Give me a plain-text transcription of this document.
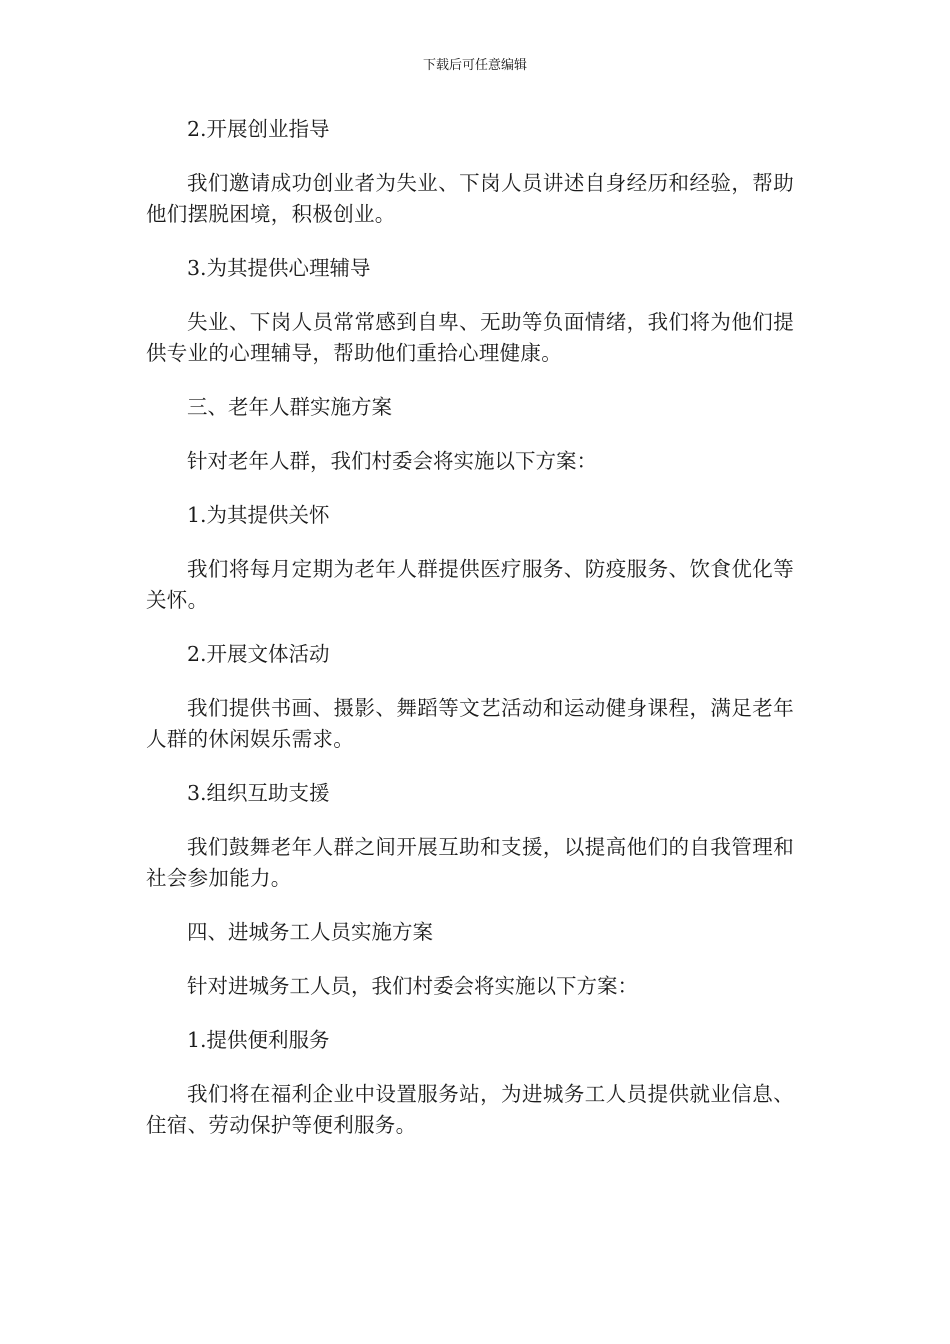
下载后可任意编辑

2.开展创业指导

我们邀请成功创业者为失业、下岗人员讲述自身经历和经验，帮助他们摆脱困境，积极创业。

3.为其提供心理辅导

失业、下岗人员常常感到自卑、无助等负面情绪，我们将为他们提供专业的心理辅导，帮助他们重拾心理健康。

三、老年人群实施方案

针对老年人群，我们村委会将实施以下方案：

1.为其提供关怀

我们将每月定期为老年人群提供医疗服务、防疫服务、饮食优化等关怀。

2.开展文体活动

我们提供书画、摄影、舞蹈等文艺活动和运动健身课程，满足老年人群的休闲娱乐需求。

3.组织互助支援

我们鼓舞老年人群之间开展互助和支援，以提高他们的自我管理和社会参加能力。

四、进城务工人员实施方案

针对进城务工人员，我们村委会将实施以下方案：

1.提供便利服务

我们将在福利企业中设置服务站，为进城务工人员提供就业信息、住宿、劳动保护等便利服务。
